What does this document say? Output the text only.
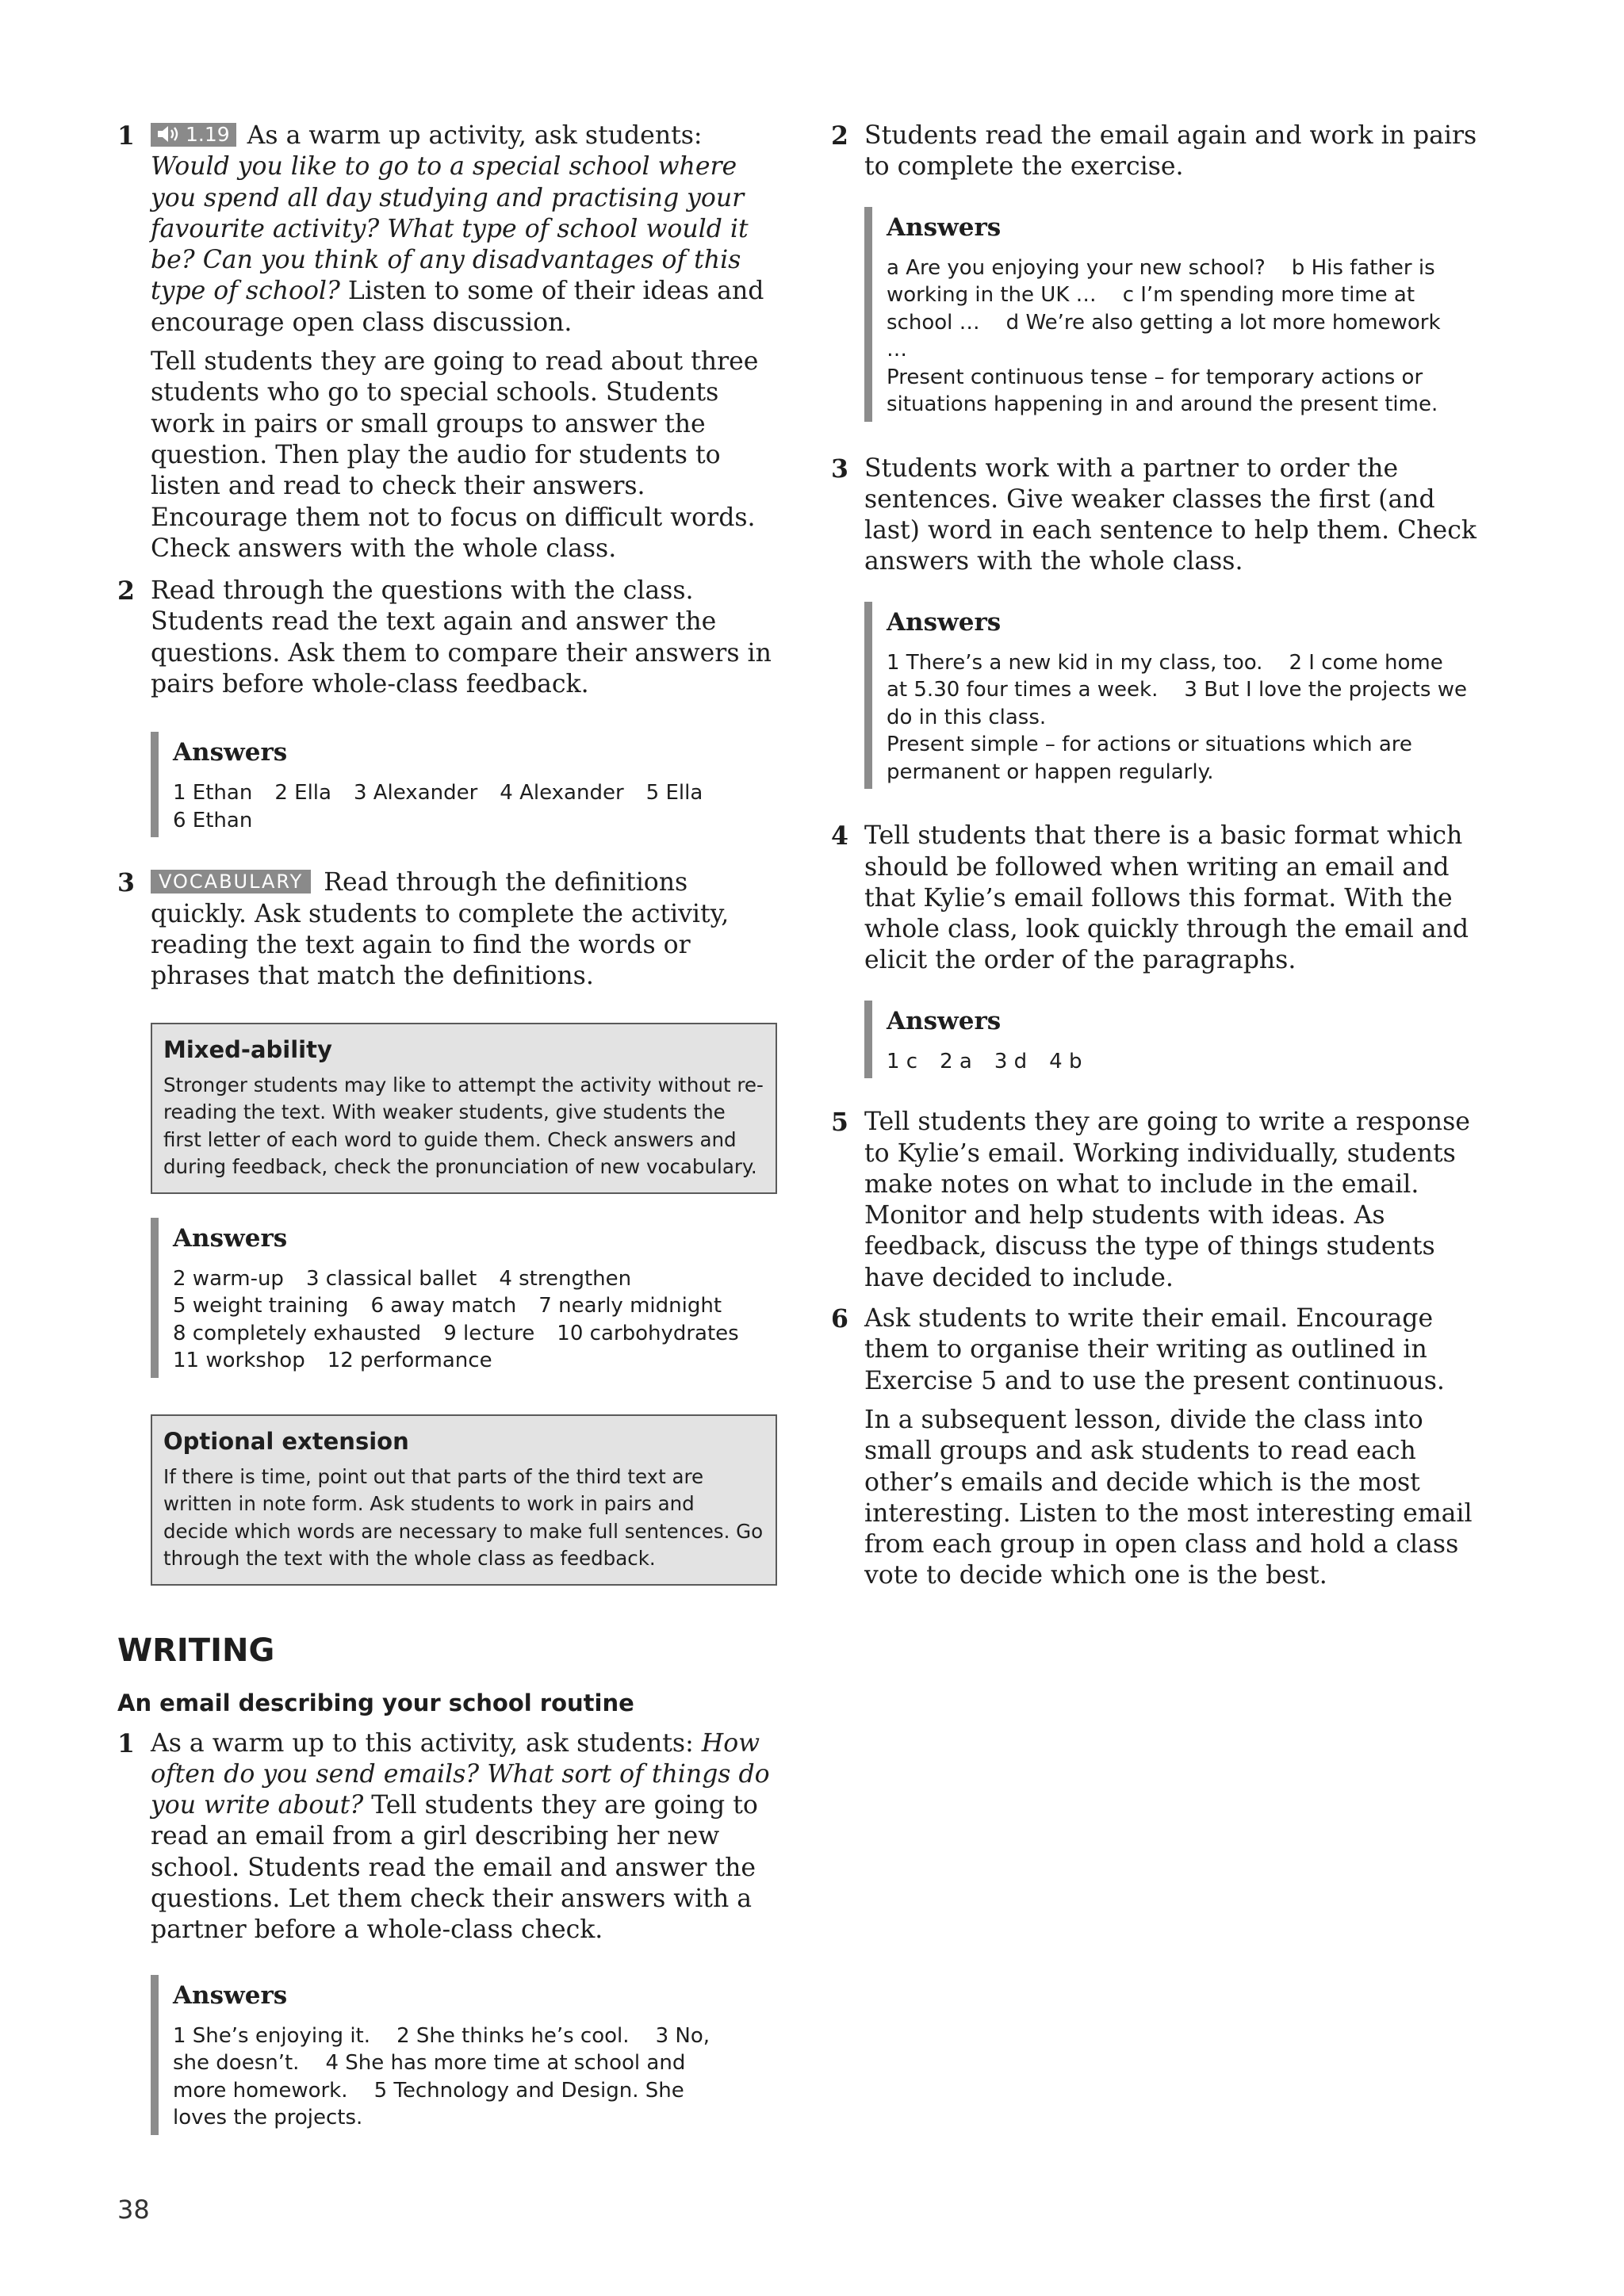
1	1.19 As a warm up activity, ask students: Would you like to go to a special school where you spend all day studying and practising your favourite activity? What type of school would it be? Can you think of any disadvantages of this type of school? Listen to some of their ideas and encourage open class discussion.

Tell students they are going to read about three students who go to special schools. Students work in pairs or small groups to answer the question. Then play the audio for students to listen and read to check their answers. Encourage them not to focus on difficult words. Check answers with the whole class.

2 Read through the questions with the class. Students read the text again and answer the questions. Ask them to compare their answers in pairs before whole-class feedback.

Answers
1 Ethan 2 Ella 3 Alexander 4 Alexander 5 Ella
6 Ethan
3	VOCABULARY Read through the definitions quickly. Ask students to complete the activity, reading the text again to find the words or phrases that match the definitions.

Mixed-ability
Stronger students may like to attempt the activity without re-reading the text. With weaker students, give students the first letter of each word to guide them. Check answers and during feedback, check the pronunciation of new vocabulary.
Answers
2 warm-up 3 classical ballet 4 strengthen
5 weight training 6 away match 7 nearly midnight
8 completely exhausted 9 lecture 10 carbohydrates
11 workshop 12 performance
Optional extension
If there is time, point out that parts of the third text are written in note form. Ask students to work in pairs and decide which words are necessary to make full sentences. Go through the text with the whole class as feedback.
WRITING
An email describing your school routine
1 As a warm up to this activity, ask students: How often do you send emails? What sort of things do you write about? Tell students they are going to read an email from a girl describing her new school. Students read the email and answer the questions. Let them check their answers with a partner before a whole-class check.

Answers
1 She’s enjoying it.    2 She thinks he’s cool.    3 No, she doesn’t.    4 She has more time at school and more homework.    5 Technology and Design. She loves the projects.
2 Students read the email again and work in pairs to complete the exercise.

Answers
a Are you enjoying your new school?    b His father is working in the UK …    c I’m spending more time at school …    d We’re also getting a lot more homework …
Present continuous tense – for temporary actions or situations happening in and around the present time.
3 Students work with a partner to order the sentences. Give weaker classes the first (and last) word in each sentence to help them. Check answers with the whole class.

Answers
1 There’s a new kid in my class, too.    2 I come home at 5.30 four times a week.    3 But I love the projects we do in this class.
Present simple – for actions or situations which are permanent or happen regularly.
4 Tell students that there is a basic format which should be followed when writing an email and that Kylie’s email follows this format. With the whole class, look quickly through the email and elicit the order of the paragraphs.

Answers
1 c 2 a 3 d 4 b
5 Tell students they are going to write a response to Kylie’s email. Working individually, students make notes on what to include in the email. Monitor and help students with ideas. As feedback, discuss the type of things students have decided to include.

6 Ask students to write their email. Encourage them to organise their writing as outlined in Exercise 5 and to use the present continuous.

In a subsequent lesson, divide the class into small groups and ask students to read each other’s emails and decide which is the most interesting. Listen to the most interesting email from each group in open class and hold a class vote to decide which one is the best.

38
